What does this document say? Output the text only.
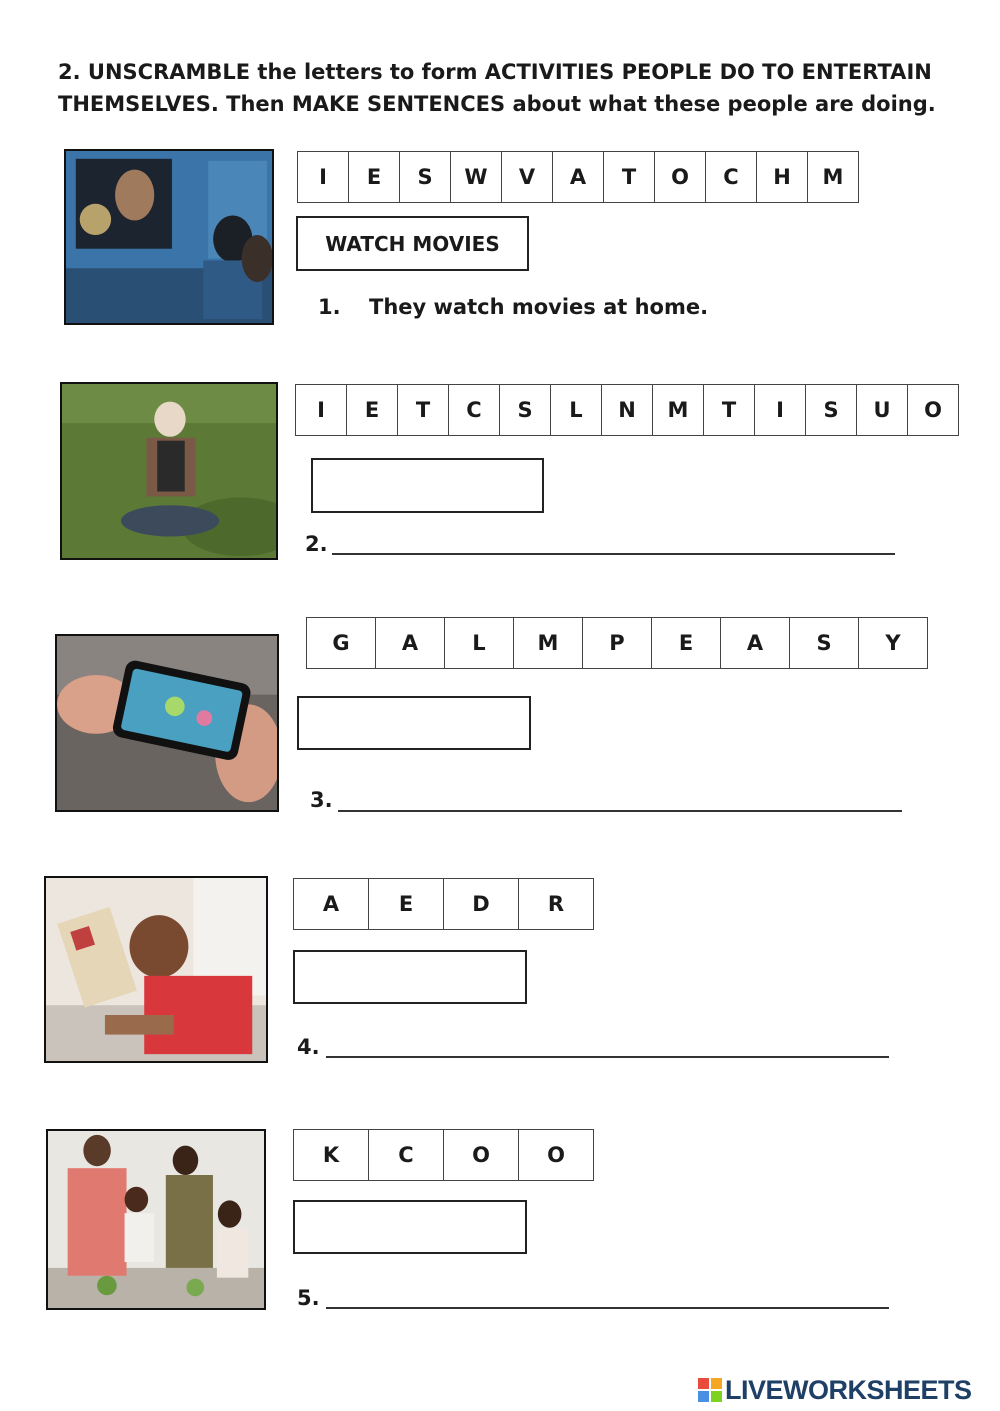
2. UNSCRAMBLE the letters to form ACTIVITIES PEOPLE DO TO ENTERTAIN THEMSELVES. Then MAKE SENTENCES about what these people are doing.

I	E	S	W	V	A	T	O	C	H	M
WATCH MOVIES
1. They watch movies at home.
I	E	T	C	S	L	N	M	T	I	S	U	O
2.
G	A	L	M	P	E	A	S	Y
3.
A	E	D	R
4.
K	C	O	O
5.
LIVEWORKSHEETS
